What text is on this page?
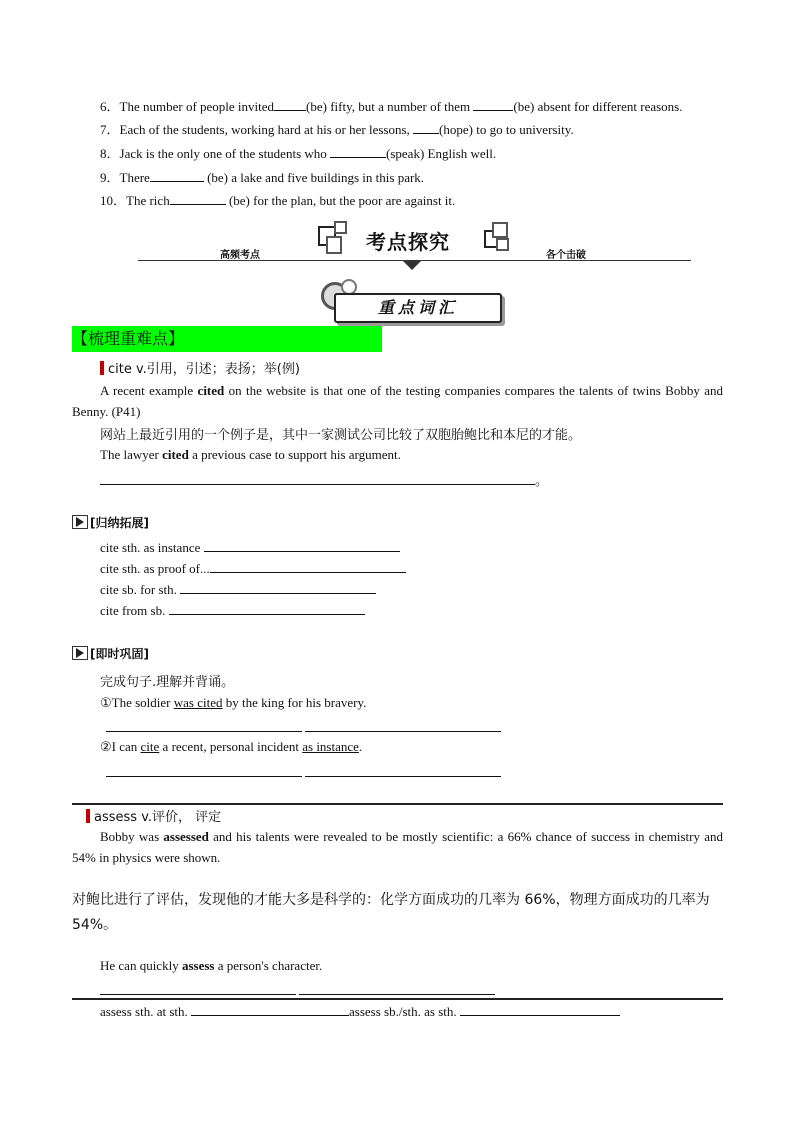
6．The number of people invited (be) fifty, but a number of them	(be) absent for different reasons.
7．Each of the students, working hard at his or her lessons, (hope) to go to university.
8．Jack is the only one of the students who	(speak) English well.
9．There	(be) a lake and five buildings in this park.
10．The rich	(be) for the plan, but the poor are against it.
考点探究
高频考点	各个击破
重点词汇
【梳理重难点】
cite v.引用，引述；表扬；举(例)
A recent example cited on the website is that one of the testing companies compares the talents of twins Bobby and Benny. (P41)
网站上最近引用的一个例子是，其中一家测试公司比较了双胞胎鲍比和本尼的才能。
The lawyer cited a previous case to support his argument.
。
[归纳拓展]
cite sth. as instance
cite sth. as proof of...
cite sb. for sth.
cite from sb.
[即时巩固]
完成句子.理解并背诵。
①The soldier was cited by the king for his bravery.

②I can cite a recent, personal incident as instance.

assess v.评价， 评定
Bobby was assessed and his talents were revealed to be mostly scientific: a 66% chance of success in chemistry and 54% in physics were shown.
对鲍比进行了评估，发现他的才能大多是科学的：化学方面成功的几率为 66%，物理方面成功的几率为 54%。
He can quickly assess a person's character.

assess sth. at sth.	assess sb./sth. as sth.
